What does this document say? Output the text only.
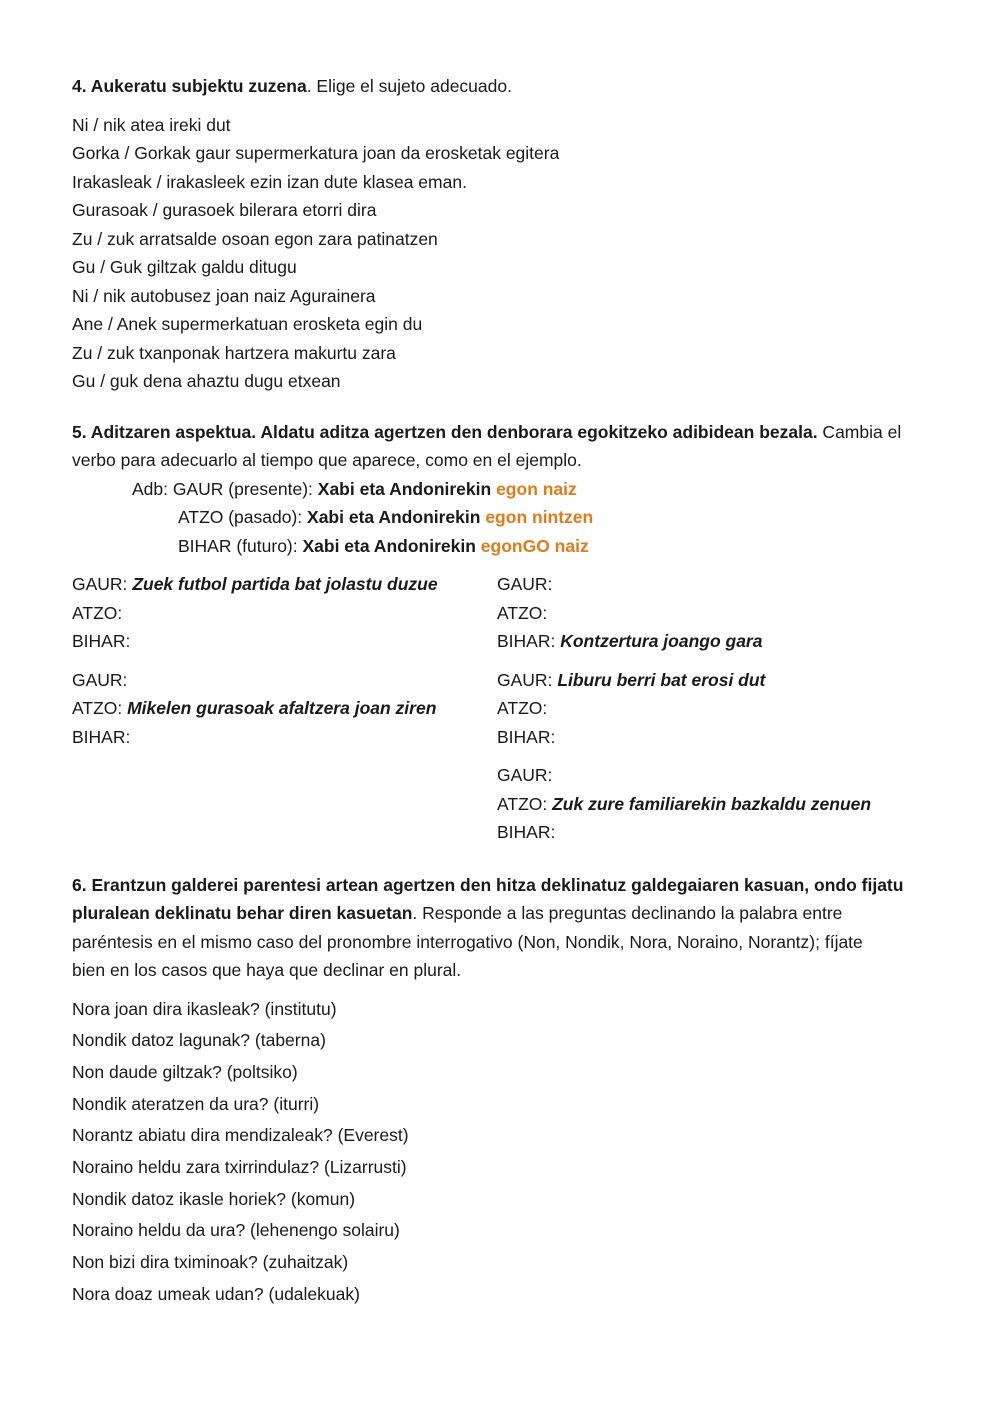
4. Aukeratu subjektu zuzena. Elige el sujeto adecuado.
Ni / nik atea ireki dut
Gorka / Gorkak gaur supermerkatura joan da erosketak egitera
Irakasleak / irakasleek ezin izan dute klasea eman.
Gurasoak / gurasoek bilerara etorri dira
Zu / zuk arratsalde osoan egon zara patinatzen
Gu / Guk giltzak galdu ditugu
Ni / nik autobusez joan naiz Agurainera
Ane / Anek supermerkatuan erosketa egin du
Zu / zuk txanponak hartzera makurtu zara
Gu / guk dena ahaztu dugu etxean
5. Aditzaren aspektua. Aldatu aditza agertzen den denborara egokitzeko adibidean bezala. Cambia el
verbo para adecuarlo al tiempo que aparece, como en el ejemplo.
Adb: GAUR (presente): Xabi eta Andonirekin egon naiz
ATZO (pasado): Xabi eta Andonirekin egon nintzen
BIHAR (futuro): Xabi eta Andonirekin egonGO naiz
GAUR: Zuek futbol partida bat jolastu duzue
ATZO:
BIHAR:
GAUR:
ATZO: Mikelen gurasoak afaltzera joan ziren
BIHAR:
GAUR:
ATZO:
BIHAR: Kontzertura joango gara
GAUR: Liburu berri bat erosi dut
ATZO:
BIHAR:
GAUR:
ATZO: Zuk zure familiarekin bazkaldu zenuen
BIHAR:
6. Erantzun galderei parentesi artean agertzen den hitza deklinatuz galdegaiaren kasuan, ondo fijatu
pluralean deklinatu behar diren kasuetan. Responde a las preguntas declinando la palabra entre
paréntesis en el mismo caso del pronombre interrogativo (Non, Nondik, Nora, Noraino, Norantz); fíjate
bien en los casos que haya que declinar en plural.
Nora joan dira ikasleak? (institutu)
Nondik datoz lagunak? (taberna)
Non daude giltzak? (poltsiko)
Nondik ateratzen da ura? (iturri)
Norantz abiatu dira mendizaleak? (Everest)
Noraino heldu zara txirrindulaz? (Lizarrusti)
Nondik datoz ikasle horiek? (komun)
Noraino heldu da ura? (lehenengo solairu)
Non bizi dira tximinoak? (zuhaitzak)
Nora doaz umeak udan? (udalekuak)
